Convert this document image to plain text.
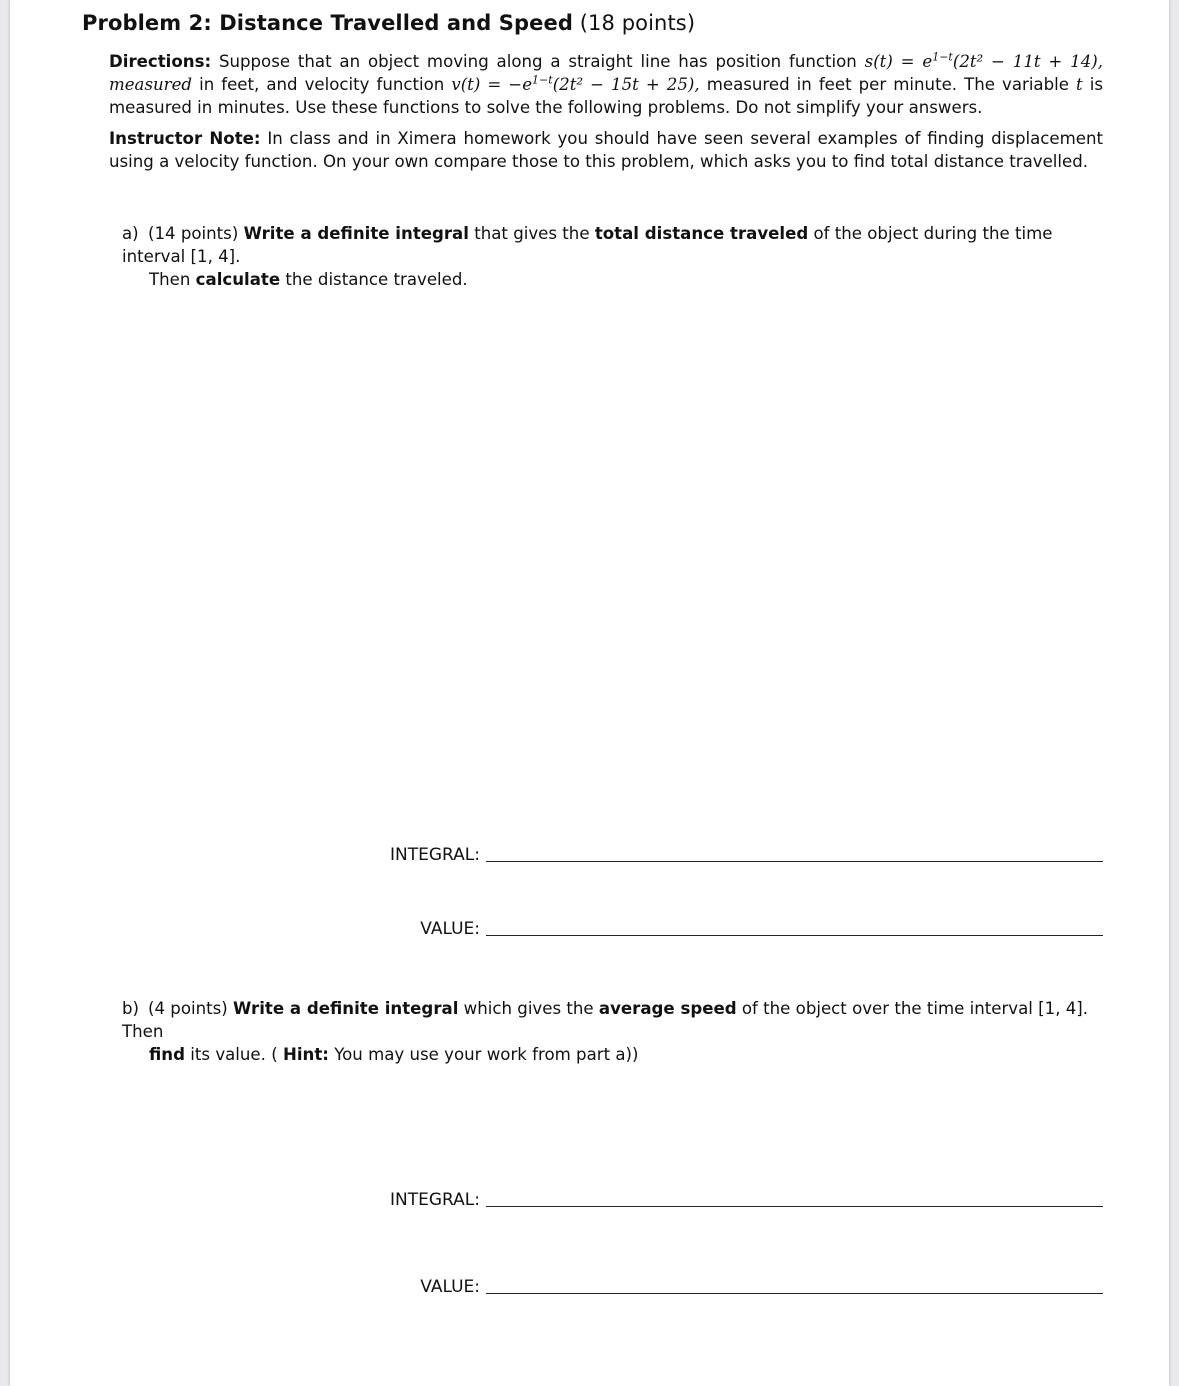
Problem 2: Distance Travelled and Speed (18 points)
Directions: Suppose that an object moving along a straight line has position function $s(t) = e^{1-t}(2t^2 - 11t + 14)$, measured in feet, and velocity function $v(t) = -e^{1-t}(2t^2 - 15t + 25)$, measured in feet per minute. The variable t is measured in minutes. Use these functions to solve the following problems. Do not simplify your answers.
Instructor Note: In class and in Ximera homework you should have seen several examples of finding displacement using a velocity function. On your own compare those to this problem, which asks you to find total distance travelled.
a) (14 points) Write a definite integral that gives the total distance traveled of the object during the time interval [1, 4].
Then calculate the distance traveled.
INTEGRAL:
VALUE:
b) (4 points) Write a definite integral which gives the average speed of the object over the time interval [1, 4]. Then
find its value. ( Hint: You may use your work from part a))
INTEGRAL:
VALUE:
